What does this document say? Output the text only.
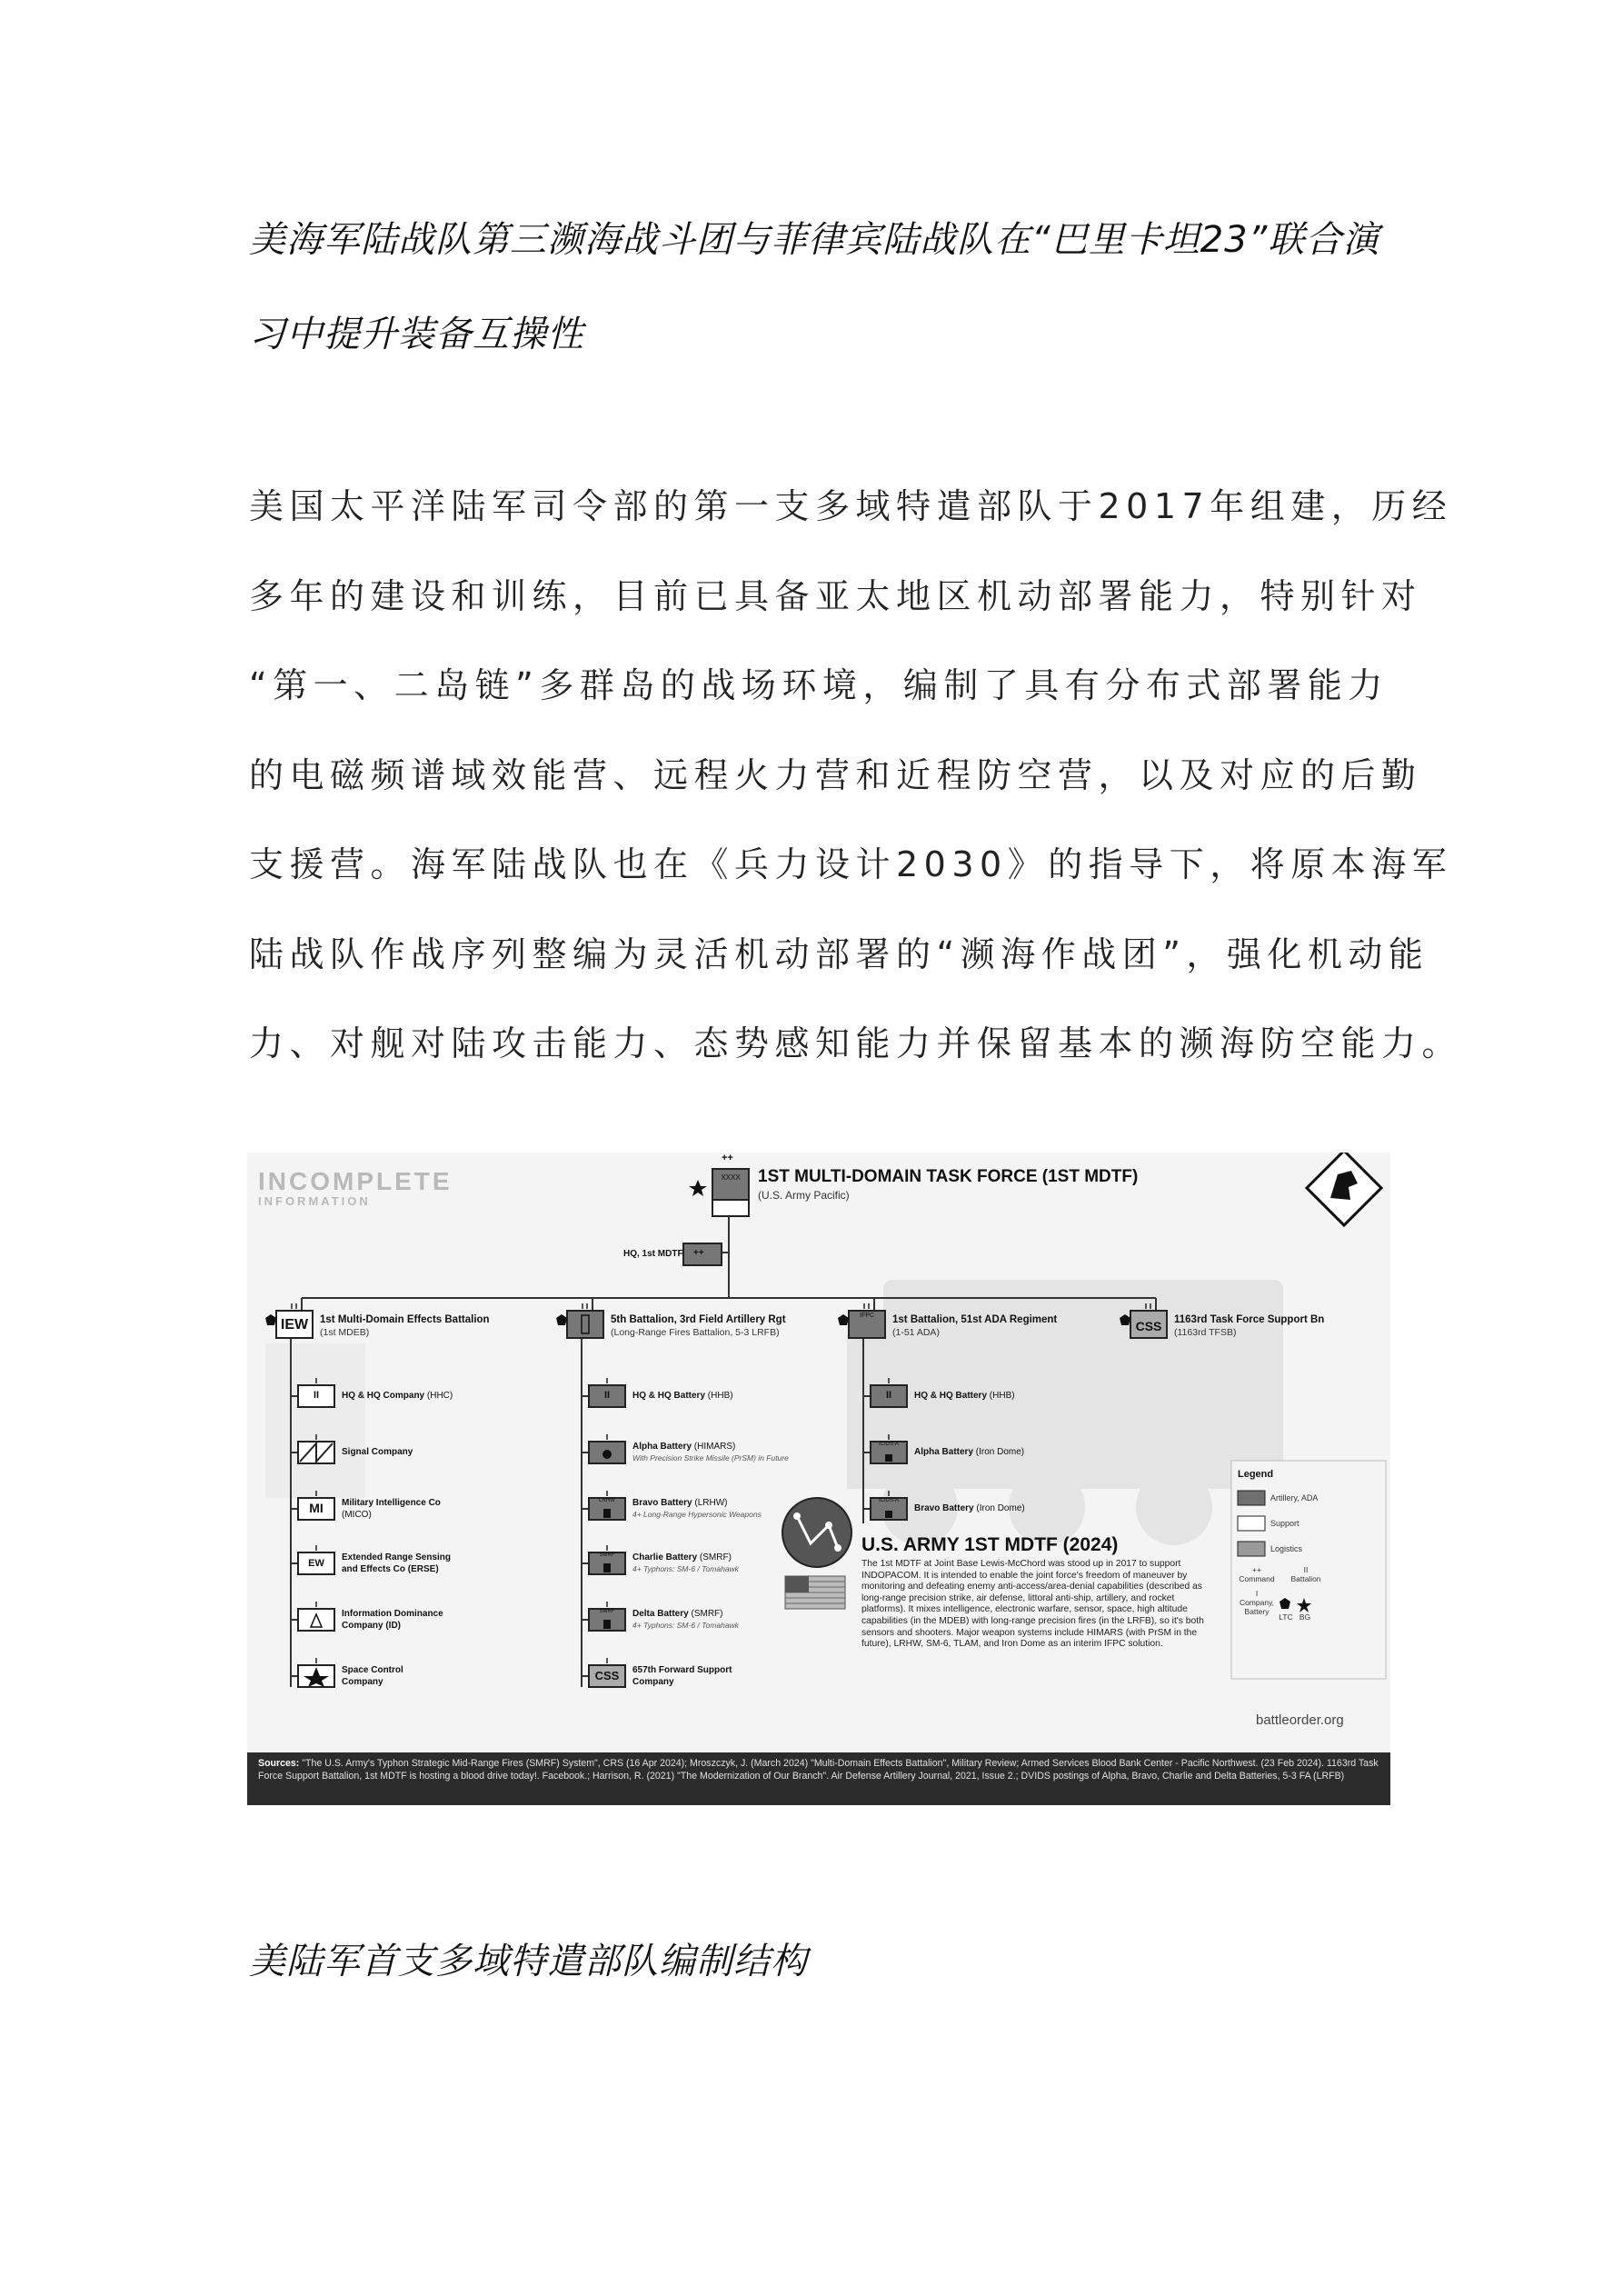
美海军陆战队第三濒海战斗团与菲律宾陆战队在“巴里卡坦23”联合演习中提升装备互操性
美国太平洋陆军司令部的第一支多域特遣部队于2017年组建，历经
多年的建设和训练，目前已具备亚太地区机动部署能力，特别针对
“第一、二岛链”多群岛的战场环境，编制了具有分布式部署能力
的电磁频谱域效能营、远程火力营和近程防空营，以及对应的后勤
支援营。海军陆战队也在《兵力设计2030》的指导下，将原本海军
陆战队作战序列整编为灵活机动部署的“濒海作战团”，强化机动能
力、对舰对陆攻击能力、态势感知能力并保留基本的濒海防空能力。
XXXX
INCOMPLETE
INFORMATION
++
1ST MULTI-DOMAIN TASK FORCE (1ST MDTF)
(U.S. Army Pacific)
HQ, 1st MDTF ++
IEW
IFPC
CSS
1st Multi-Domain Effects Battalion
(1st MDEB)
5th Battalion, 3rd Field Artillery Rgt
(Long-Range Fires Battalion, 5-3 LRFB)
1st Battalion, 51st ADA Regiment
(1-51 ADA)
1163rd Task Force Support Bn
(1163rd TFSB)
II	HQ & HQ Company (HHC)
Signal Company
MI	Military Intelligence Co
(MICO)
EW
Extended Range Sensing
and Effects Co (ERSE)
Information Dominance
Company (ID)
Space Control
Company
II	HQ & HQ Battery (HHB)
Alpha Battery (HIMARS)
With Precision Strike Missile (PrSM) in Future
LRHW	Bravo Battery (LRHW)
4+ Long-Range Hypersonic Weapons
SMRF	Charlie Battery (SMRF)
4+ Typhons: SM-6 / Tomahawk
SMRF	Delta Battery (SMRF)
4+ Typhons: SM-6 / Tomahawk
CSS	657th Forward Support
Company
II	HQ & HQ Battery (HHB)
ICIDS-A
Alpha Battery (Iron Dome)
ICIDS-A
Bravo Battery (Iron Dome)
U.S. ARMY 1ST MDTF (2024)
The 1st MDTF at Joint Base Lewis-McChord was stood up in 2017 to support INDOPACOM. It is intended to enable the joint force's freedom of maneuver by monitoring and defeating enemy anti-access/area-denial capabilities (described as long-range precision strike, air defense, littoral anti-ship, artillery, and rocket platforms). It mixes intelligence, electronic warfare, sensor, space, high altitude capabilities (in the MDEB) with long-range precision fires (in the LRFB), so it's both sensors and shooters. Major weapon systems include HIMARS (with PrSM in the future), LRHW, SM-6, TLAM, and Iron Dome as an interim IFPC solution.
Legend
Artillery, ADA
Support
Logistics
++
Command
II
Battalion
I
Company,
Battery
LTC BG
battleorder.org
Sources: "The U.S. Army's Typhon Strategic Mid-Range Fires (SMRF) System", CRS (16 Apr 2024); Mroszczyk, J. (March 2024) "Multi-Domain Effects Battalion", Military Review; Armed Services Blood Bank Center - Pacific Northwest. (23 Feb 2024). 1163rd Task Force Support Battalion, 1st MDTF is hosting a blood drive today!. Facebook.; Harrison, R. (2021) "The Modernization of Our Branch". Air Defense Artillery Journal, 2021, Issue 2.; DVIDS postings of Alpha, Bravo, Charlie and Delta Batteries, 5-3 FA (LRFB)
美陆军首支多域特遣部队编制结构
